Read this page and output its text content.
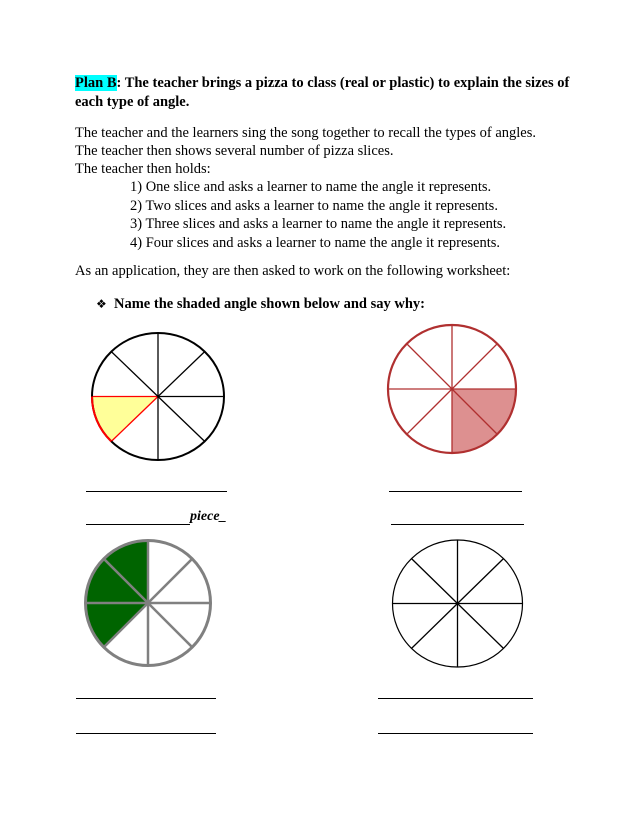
Plan B: The teacher brings a pizza to class (real or plastic) to explain the sizes of each type of angle.
The teacher and the learners sing the song together to recall the types of angles.
The teacher then shows several number of pizza slices.
The teacher then holds:
1) One slice and asks a learner to name the angle it represents.
2) Two slices and asks a learner to name the angle it represents.
3) Three slices and asks a learner to name the angle it represents.
4) Four slices and asks a learner to name the angle it represents.
As an application, they are then asked to work on the following worksheet:
❖ Name the shaded angle shown below and say why:
piece_
